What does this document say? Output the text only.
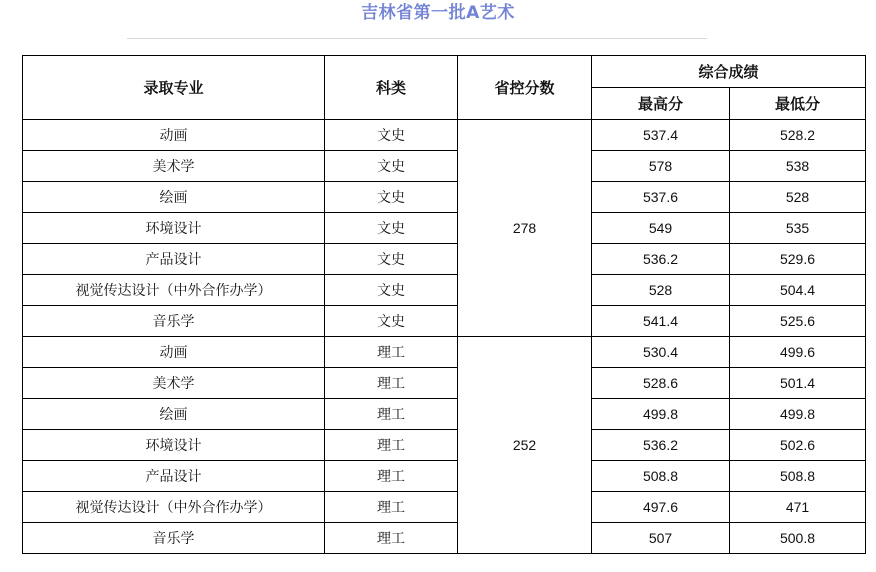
吉林省第一批A艺术
录取专业	科类	省控分数	综合成绩	
			最高分	最低分
动画	文史	278	537.4	528.2
美术学	文史		578	538
绘画	文史		537.6	528
环境设计	文史		549	535
产品设计	文史		536.2	529.6
视觉传达设计（中外合作办学）	文史		528	504.4
音乐学	文史		541.4	525.6
动画	理工	252	530.4	499.6
美术学	理工		528.6	501.4
绘画	理工		499.8	499.8
环境设计	理工		536.2	502.6
产品设计	理工		508.8	508.8
视觉传达设计（中外合作办学）	理工		497.6	471
音乐学	理工		507	500.8
